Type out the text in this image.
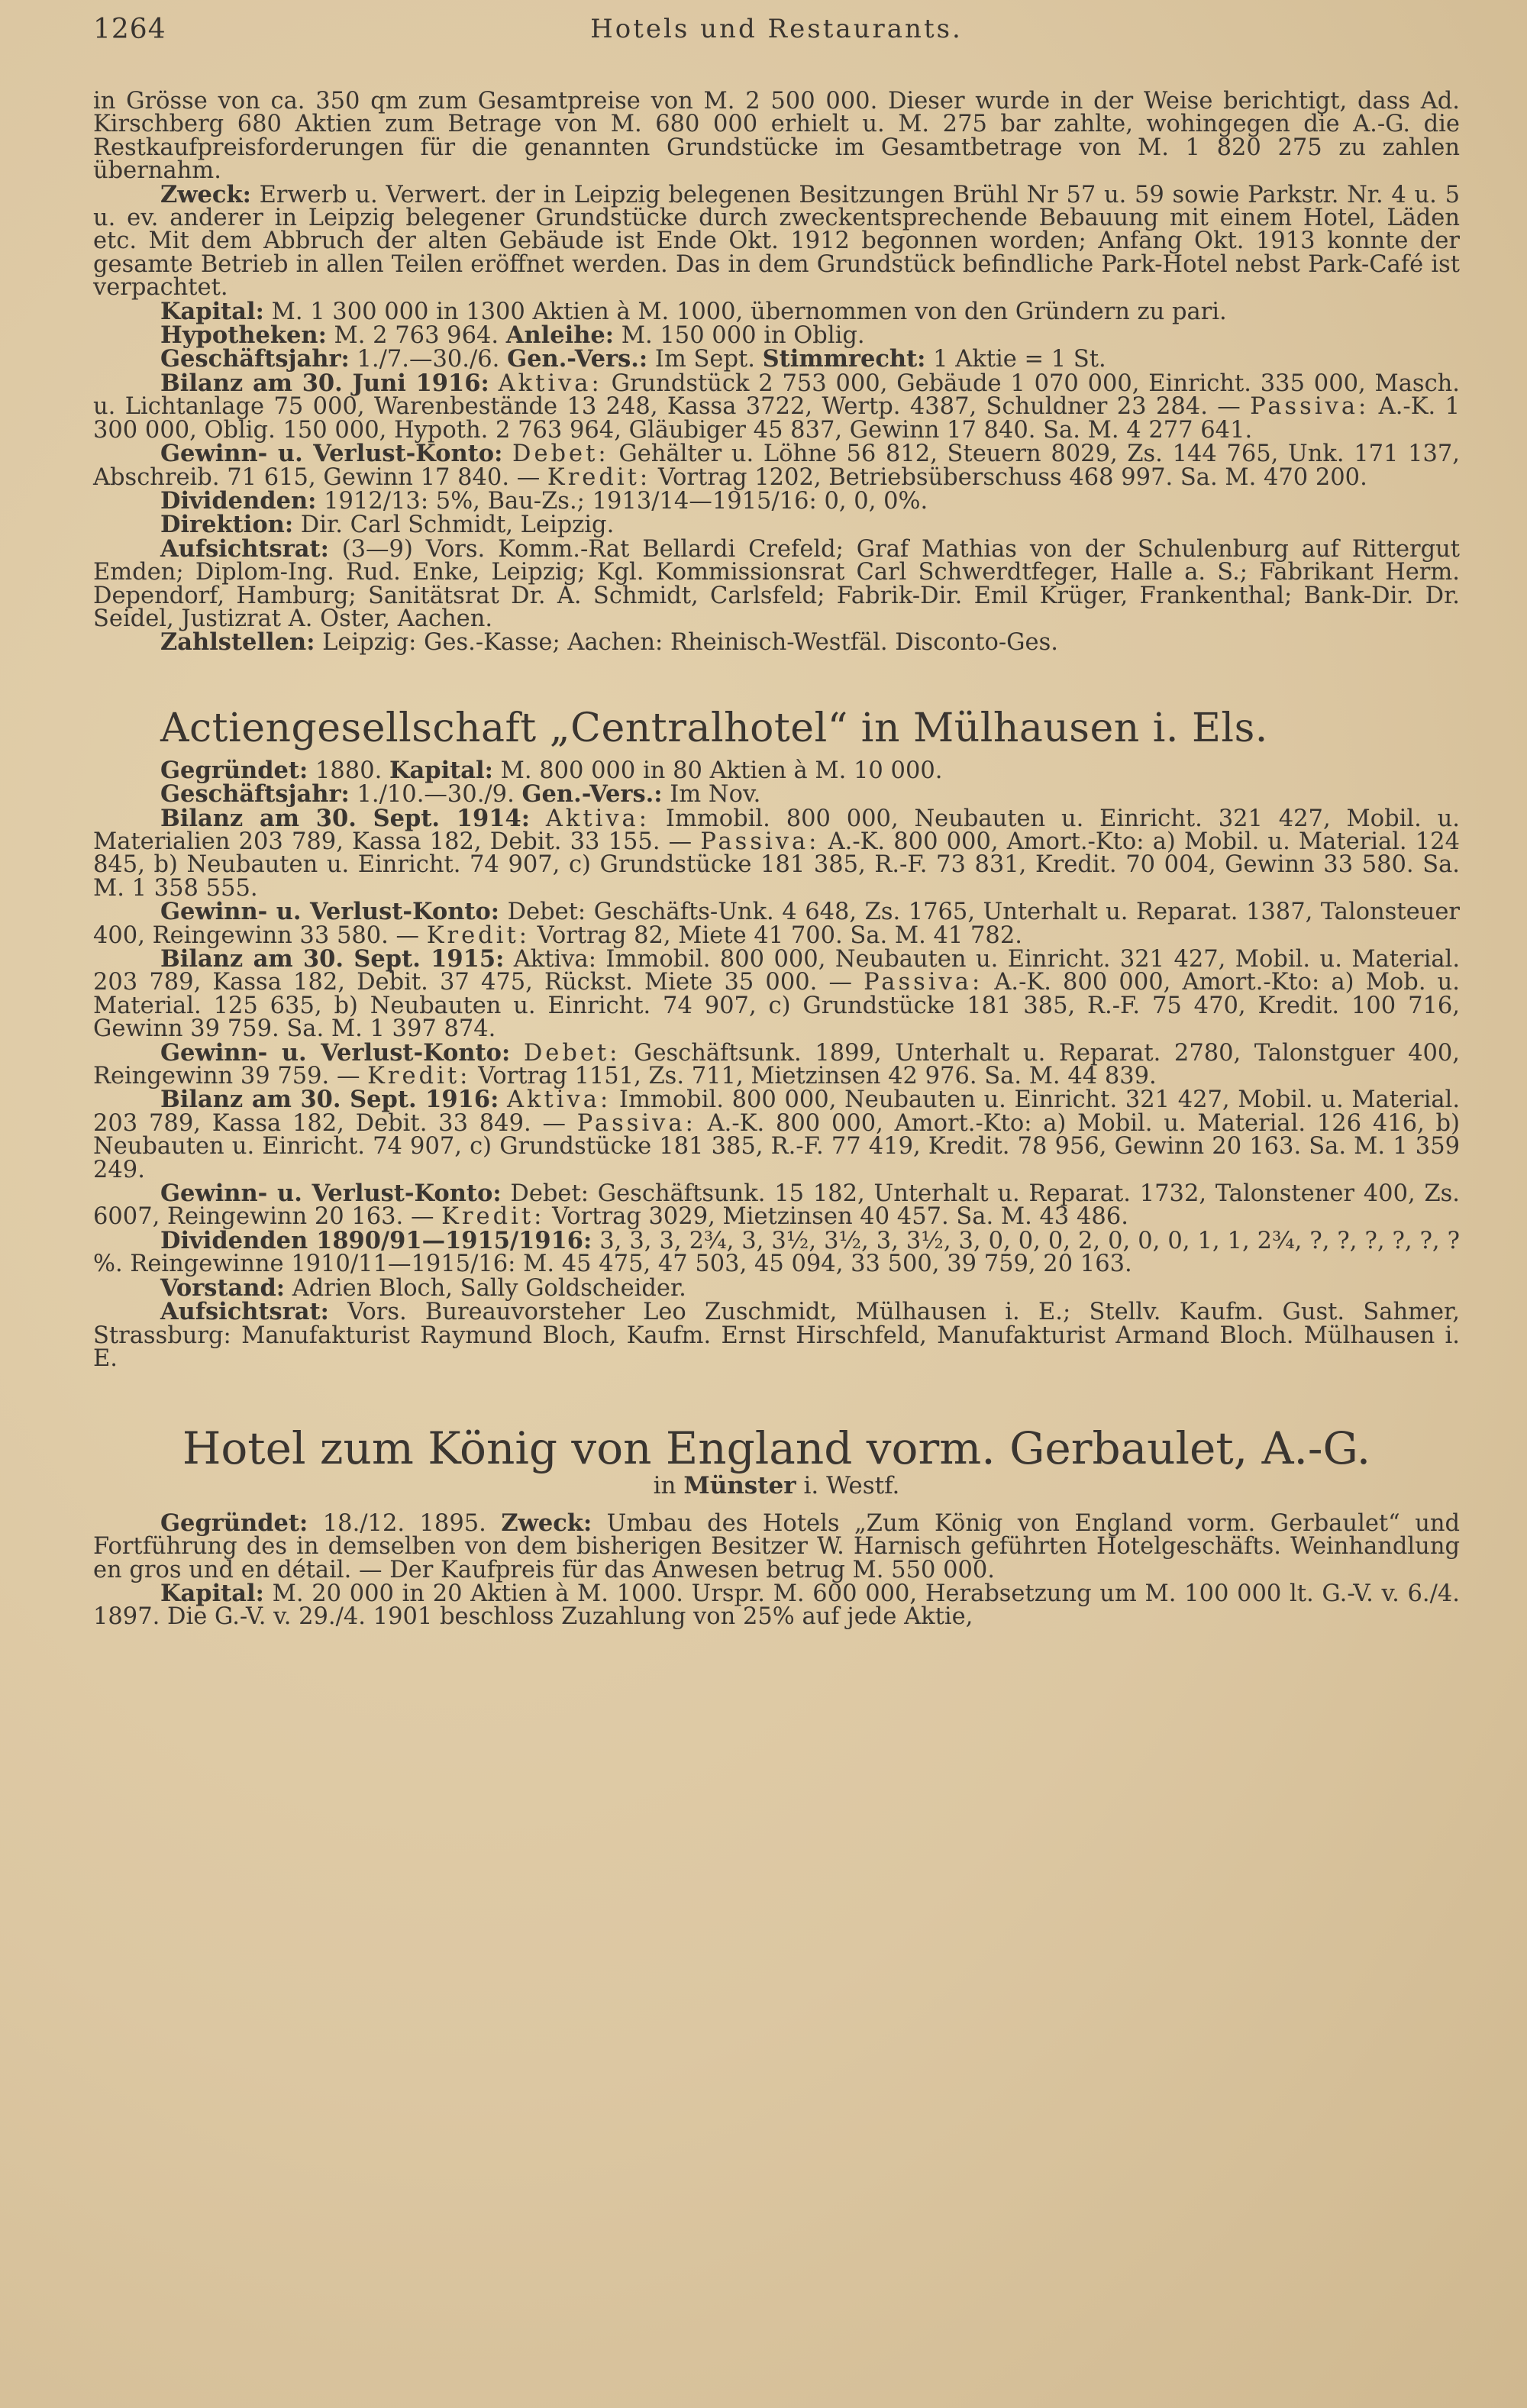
1264	Hotels und Restaurants.

in Grösse von ca. 350 qm zum Gesamtpreise von M. 2 500 000. Dieser wurde in der Weise berichtigt, dass Ad. Kirschberg 680 Aktien zum Betrage von M. 680 000 erhielt u. M. 275 bar zahlte, wohingegen die A.-G. die Restkaufpreisforderungen für die genannten Grundstücke im Gesamtbetrage von M. 1 820 275 zu zahlen übernahm.

Zweck: Erwerb u. Verwert. der in Leipzig belegenen Besitzungen Brühl Nr 57 u. 59 sowie Parkstr. Nr. 4 u. 5 u. ev. anderer in Leipzig belegener Grundstücke durch zweckentsprechende Bebauung mit einem Hotel, Läden etc. Mit dem Abbruch der alten Gebäude ist Ende Okt. 1912 begonnen worden; Anfang Okt. 1913 konnte der gesamte Betrieb in allen Teilen eröffnet werden. Das in dem Grundstück befindliche Park-Hotel nebst Park-Café ist verpachtet.

Kapital: M. 1 300 000 in 1300 Aktien à M. 1000, übernommen von den Gründern zu pari.

Hypotheken: M. 2 763 964. Anleihe: M. 150 000 in Oblig.

Geschäftsjahr: 1./7.—30./6. Gen.-Vers.: Im Sept. Stimmrecht: 1 Aktie = 1 St.

Bilanz am 30. Juni 1916: Aktiva: Grundstück 2 753 000, Gebäude 1 070 000, Einricht. 335 000, Masch. u. Lichtanlage 75 000, Warenbestände 13 248, Kassa 3722, Wertp. 4387, Schuldner 23 284. — Passiva: A.-K. 1 300 000, Oblig. 150 000, Hypoth. 2 763 964, Gläubiger 45 837, Gewinn 17 840. Sa. M. 4 277 641.

Gewinn- u. Verlust-Konto: Debet: Gehälter u. Löhne 56 812, Steuern 8029, Zs. 144 765, Unk. 171 137, Abschreib. 71 615, Gewinn 17 840. — Kredit: Vortrag 1202, Betriebsüberschuss 468 997. Sa. M. 470 200.

Dividenden: 1912/13: 5%, Bau-Zs.; 1913/14—1915/16: 0, 0, 0%.

Direktion: Dir. Carl Schmidt, Leipzig.

Aufsichtsrat: (3—9) Vors. Komm.-Rat Bellardi Crefeld; Graf Mathias von der Schulenburg auf Rittergut Emden; Diplom-Ing. Rud. Enke, Leipzig; Kgl. Kommissionsrat Carl Schwerdtfeger, Halle a. S.; Fabrikant Herm. Dependorf, Hamburg; Sanitätsrat Dr. A. Schmidt, Carlsfeld; Fabrik-Dir. Emil Krüger, Frankenthal; Bank-Dir. Dr. Seidel, Justizrat A. Oster, Aachen.

Zahlstellen: Leipzig: Ges.-Kasse; Aachen: Rheinisch-Westfäl. Disconto-Ges.

Actiengesellschaft „Centralhotel“ in Mülhausen i. Els.

Gegründet: 1880. Kapital: M. 800 000 in 80 Aktien à M. 10 000.

Geschäftsjahr: 1./10.—30./9. Gen.-Vers.: Im Nov.

Bilanz am 30. Sept. 1914: Aktiva: Immobil. 800 000, Neubauten u. Einricht. 321 427, Mobil. u. Materialien 203 789, Kassa 182, Debit. 33 155. — Passiva: A.-K. 800 000, Amort.-Kto: a) Mobil. u. Material. 124 845, b) Neubauten u. Einricht. 74 907, c) Grundstücke 181 385, R.-F. 73 831, Kredit. 70 004, Gewinn 33 580. Sa. M. 1 358 555.

Gewinn- u. Verlust-Konto: Debet: Geschäfts-Unk. 4 648, Zs. 1765, Unterhalt u. Reparat. 1387, Talonsteuer 400, Reingewinn 33 580. — Kredit: Vortrag 82, Miete 41 700. Sa. M. 41 782.

Bilanz am 30. Sept. 1915: Aktiva: Immobil. 800 000, Neubauten u. Einricht. 321 427, Mobil. u. Material. 203 789, Kassa 182, Debit. 37 475, Rückst. Miete 35 000. — Passiva: A.-K. 800 000, Amort.-Kto: a) Mob. u. Material. 125 635, b) Neubauten u. Einricht. 74 907, c) Grundstücke 181 385, R.-F. 75 470, Kredit. 100 716, Gewinn 39 759. Sa. M. 1 397 874.

Gewinn- u. Verlust-Konto: Debet: Geschäftsunk. 1899, Unterhalt u. Reparat. 2780, Talonstguer 400, Reingewinn 39 759. — Kredit: Vortrag 1151, Zs. 711, Mietzinsen 42 976. Sa. M. 44 839.

Bilanz am 30. Sept. 1916: Aktiva: Immobil. 800 000, Neubauten u. Einricht. 321 427, Mobil. u. Material. 203 789, Kassa 182, Debit. 33 849. — Passiva: A.-K. 800 000, Amort.-Kto: a) Mobil. u. Material. 126 416, b) Neubauten u. Einricht. 74 907, c) Grundstücke 181 385, R.-F. 77 419, Kredit. 78 956, Gewinn 20 163. Sa. M. 1 359 249.

Gewinn- u. Verlust-Konto: Debet: Geschäftsunk. 15 182, Unterhalt u. Reparat. 1732, Talonstener 400, Zs. 6007, Reingewinn 20 163. — Kredit: Vortrag 3029, Mietzinsen 40 457. Sa. M. 43 486.

Dividenden 1890/91—1915/1916: 3, 3, 3, 2¾, 3, 3½, 3½, 3, 3½, 3, 0, 0, 0, 2, 0, 0, 0, 1, 1, 2¾, ?, ?, ?, ?, ?, ?%. Reingewinne 1910/11—1915/16: M. 45 475, 47 503, 45 094, 33 500, 39 759, 20 163.

Vorstand: Adrien Bloch, Sally Goldscheider.

Aufsichtsrat: Vors. Bureauvorsteher Leo Zuschmidt, Mülhausen i. E.; Stellv. Kaufm. Gust. Sahmer, Strassburg: Manufakturist Raymund Bloch, Kaufm. Ernst Hirschfeld, Manufakturist Armand Bloch. Mülhausen i. E.

Hotel zum König von England vorm. Gerbaulet, A.-G.
in Münster i. Westf.

Gegründet: 18./12. 1895. Zweck: Umbau des Hotels „Zum König von England vorm. Gerbaulet“ und Fortführung des in demselben von dem bisherigen Besitzer W. Harnisch geführten Hotelgeschäfts. Weinhandlung en gros und en détail. — Der Kaufpreis für das Anwesen betrug M. 550 000.

Kapital: M. 20 000 in 20 Aktien à M. 1000. Urspr. M. 600 000, Herabsetzung um M. 100 000 lt. G.-V. v. 6./4. 1897. Die G.-V. v. 29./4. 1901 beschloss Zuzahlung von 25% auf jede Aktie,
